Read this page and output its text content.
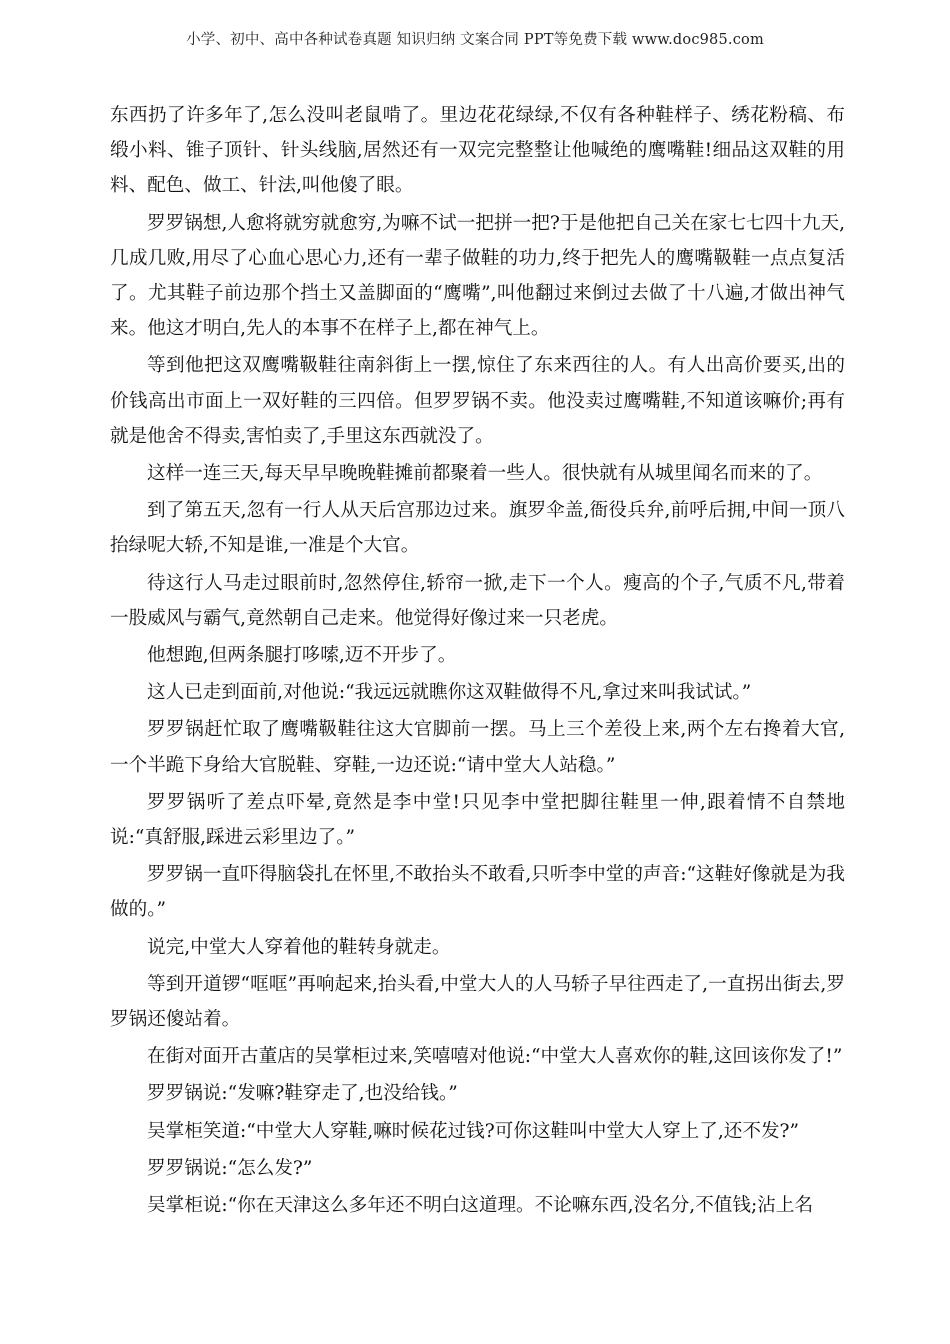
小学、初中、高中各种试卷真题 知识归纳 文案合同 PPT等免费下载 www.doc985.com

东西扔了许多年了,怎么没叫老鼠啃了。里边花花绿绿,不仅有各种鞋样子、绣花粉稿、布缎小料、锥子顶针、针头线脑,居然还有一双完完整整让他喊绝的鹰嘴鞋!细品这双鞋的用料、配色、做工、针法,叫他傻了眼。

罗罗锅想,人愈将就穷就愈穷,为嘛不试一把拼一把?于是他把自己关在家七七四十九天,几成几败,用尽了心血心思心力,还有一辈子做鞋的功力,终于把先人的鹰嘴靸鞋一点点复活了。尤其鞋子前边那个挡土又盖脚面的“鹰嘴”,叫他翻过来倒过去做了十八遍,才做出神气来。他这才明白,先人的本事不在样子上,都在神气上。

等到他把这双鹰嘴靸鞋往南斜街上一摆,惊住了东来西往的人。有人出高价要买,出的价钱高出市面上一双好鞋的三四倍。但罗罗锅不卖。他没卖过鹰嘴鞋,不知道该嘛价;再有就是他舍不得卖,害怕卖了,手里这东西就没了。

这样一连三天,每天早早晚晚鞋摊前都聚着一些人。很快就有从城里闻名而来的了。

到了第五天,忽有一行人从天后宫那边过来。旗罗伞盖,衙役兵弁,前呼后拥,中间一顶八抬绿呢大轿,不知是谁,一准是个大官。

待这行人马走过眼前时,忽然停住,轿帘一掀,走下一个人。瘦高的个子,气质不凡,带着一股威风与霸气,竟然朝自己走来。他觉得好像过来一只老虎。

他想跑,但两条腿打哆嗦,迈不开步了。

这人已走到面前,对他说:“我远远就瞧你这双鞋做得不凡,拿过来叫我试试。”

罗罗锅赶忙取了鹰嘴靸鞋往这大官脚前一摆。马上三个差役上来,两个左右搀着大官,一个半跪下身给大官脱鞋、穿鞋,一边还说:“请中堂大人站稳。”

罗罗锅听了差点吓晕,竟然是李中堂!只见李中堂把脚往鞋里一伸,跟着情不自禁地说:“真舒服,踩进云彩里边了。”

罗罗锅一直吓得脑袋扎在怀里,不敢抬头不敢看,只听李中堂的声音:“这鞋好像就是为我做的。”

说完,中堂大人穿着他的鞋转身就走。

等到开道锣“哐哐”再响起来,抬头看,中堂大人的人马轿子早往西走了,一直拐出街去,罗罗锅还傻站着。

在街对面开古董店的吴掌柜过来,笑嘻嘻对他说:“中堂大人喜欢你的鞋,这回该你发了!”

罗罗锅说:“发嘛?鞋穿走了,也没给钱。”

吴掌柜笑道:“中堂大人穿鞋,嘛时候花过钱?可你这鞋叫中堂大人穿上了,还不发?”

罗罗锅说:“怎么发?”

吴掌柜说:“你在天津这么多年还不明白这道理。不论嘛东西,没名分,不值钱;沾上名
